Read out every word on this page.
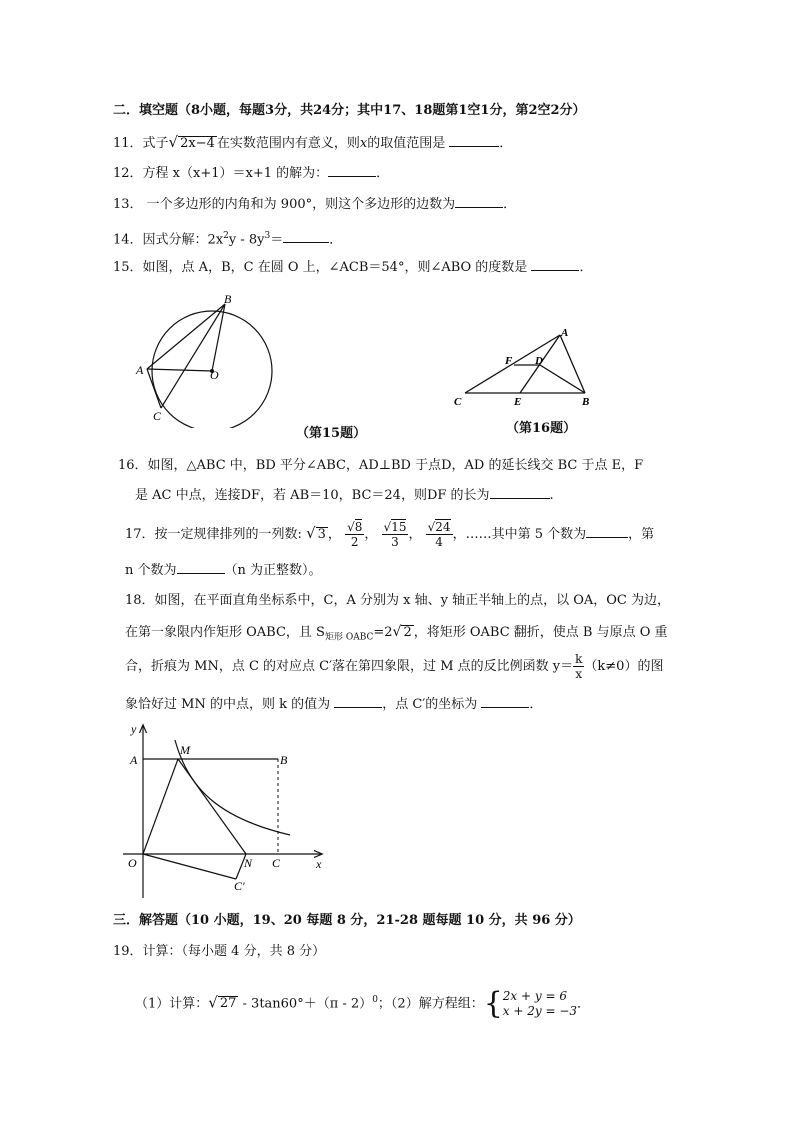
二．填空题（8小题，每题3分，共24分；其中17、18题第1空1分，第2空2分）
11．式子√ 2x−4 在实数范围内有意义，则x的取值范围是	．
12．方程 x（x+1）＝x+1 的解为：	．
13． 一个多边形的内角和为 900°，则这个多边形的边数为	．
14．因式分解：$2x^2y - 8y^3=$	．
15．如图，点 A，B，C 在圆 O 上，∠ACB＝54°，则∠ABO 的度数是	．
B
A	O
C
（第15题）
A
F D
C	E	B
（第16题）
16．如图，△ABC 中，BD 平分∠ABC，AD⊥BD 于点D，AD 的延长线交 BC 于点 E，F
是 AC 中点，连接DF，若 AB＝10，BC＝24，则DF 的长为	.
17．按一定规律排列的一列数: √ 3 ， $\frac{√8}{2}$ ， $\frac{√15}{3}$ ， $\frac{√24}{4}$ ，……其中第 5 个数为	，第
n 个数为	（n 为正整数）。
18．如图，在平面直角坐标系中，C，A 分别为 x 轴、y 轴正半轴上的点，以 OA，OC 为边，
在第一象限内作矩形 OABC，且 $S_{矩形 OABC}=2√$ 2 ，将矩形 OABC 翻折，使点 B 与原点 O 重
合，折痕为 MN，点 C 的对应点 C′落在第四象限，过 M 点的反比例函数 $y= \frac{k}{x} (k\ne 0)$的图
象恰好过 MN 的中点，则 k 的值为	，点 C′的坐标为	．
y
x
A	B
M
O	N C
C′
三．解答题（10 小题，19、20 每题 8 分，21-28 题每题 10 分，共 96 分）
19．计算：（每小题 4 分，共 8 分）
（1）计算：√ 27 - 3tan60°＋（π - 2）$^0$；（2）解方程组：{ 2x + y = 6
x + 2y = −3 ．
